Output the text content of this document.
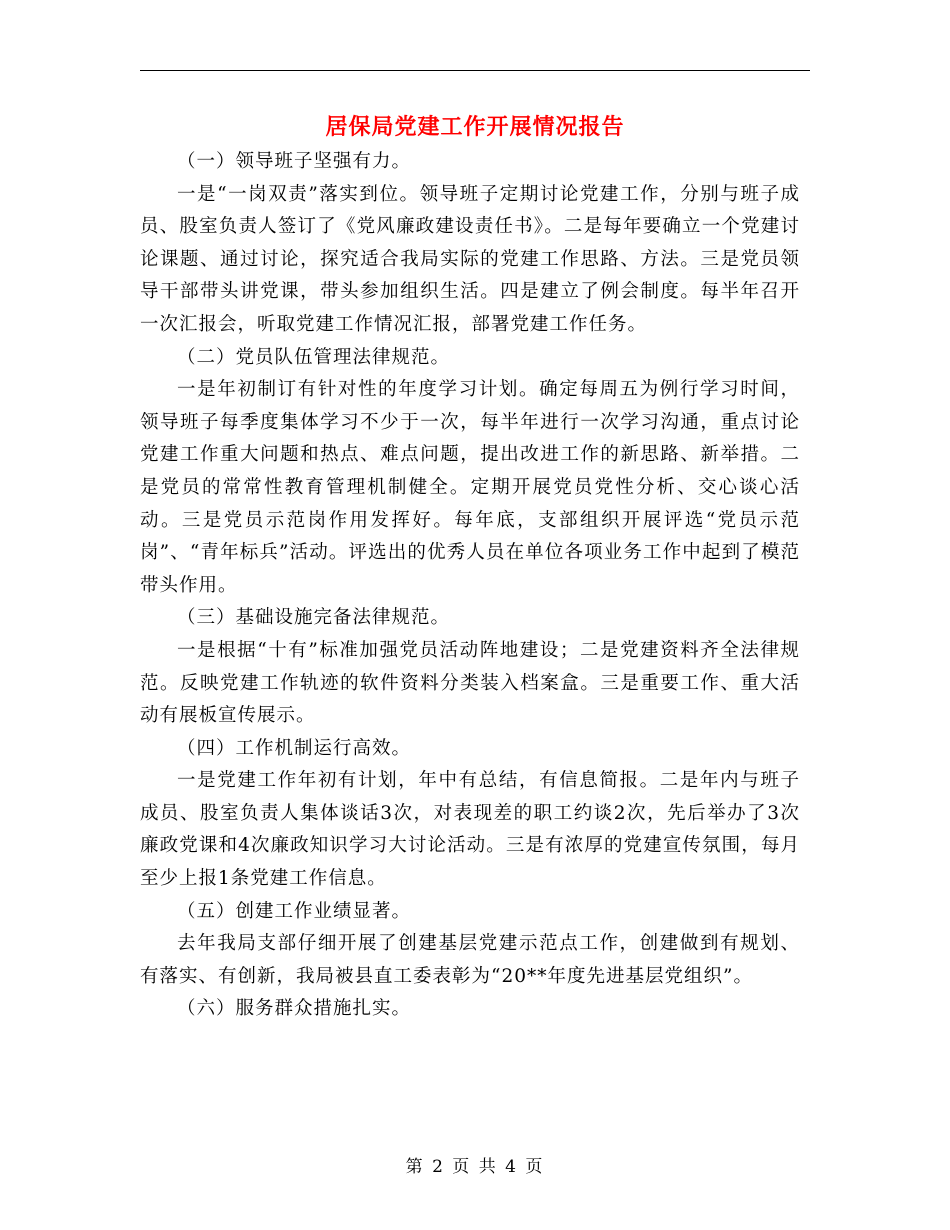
居保局党建工作开展情况报告

（一）领导班子坚强有力。

一是“一岗双责”落实到位。领导班子定期讨论党建工作，分别与班子成员、股室负责人签订了《党风廉政建设责任书》。二是每年要确立一个党建讨论课题、通过讨论，探究适合我局实际的党建工作思路、方法。三是党员领导干部带头讲党课，带头参加组织生活。四是建立了例会制度。每半年召开一次汇报会，听取党建工作情况汇报，部署党建工作任务。

（二）党员队伍管理法律规范。

一是年初制订有针对性的年度学习计划。确定每周五为例行学习时间，领导班子每季度集体学习不少于一次，每半年进行一次学习沟通，重点讨论党建工作重大问题和热点、难点问题，提出改进工作的新思路、新举措。二是党员的常常性教育管理机制健全。定期开展党员党性分析、交心谈心活动。三是党员示范岗作用发挥好。每年底，支部组织开展评选“党员示范岗”、“青年标兵”活动。评选出的优秀人员在单位各项业务工作中起到了模范带头作用。

（三）基础设施完备法律规范。

一是根据“十有”标准加强党员活动阵地建设；二是党建资料齐全法律规范。反映党建工作轨迹的软件资料分类装入档案盒。三是重要工作、重大活动有展板宣传展示。

（四）工作机制运行高效。

一是党建工作年初有计划，年中有总结，有信息简报。二是年内与班子成员、股室负责人集体谈话3次，对表现差的职工约谈2次，先后举办了3次廉政党课和4次廉政知识学习大讨论活动。三是有浓厚的党建宣传氛围，每月至少上报1条党建工作信息。

（五）创建工作业绩显著。

去年我局支部仔细开展了创建基层党建示范点工作，创建做到有规划、有落实、有创新，我局被县直工委表彰为“20**年度先进基层党组织”。

（六）服务群众措施扎实。

第 2 页 共 4 页
